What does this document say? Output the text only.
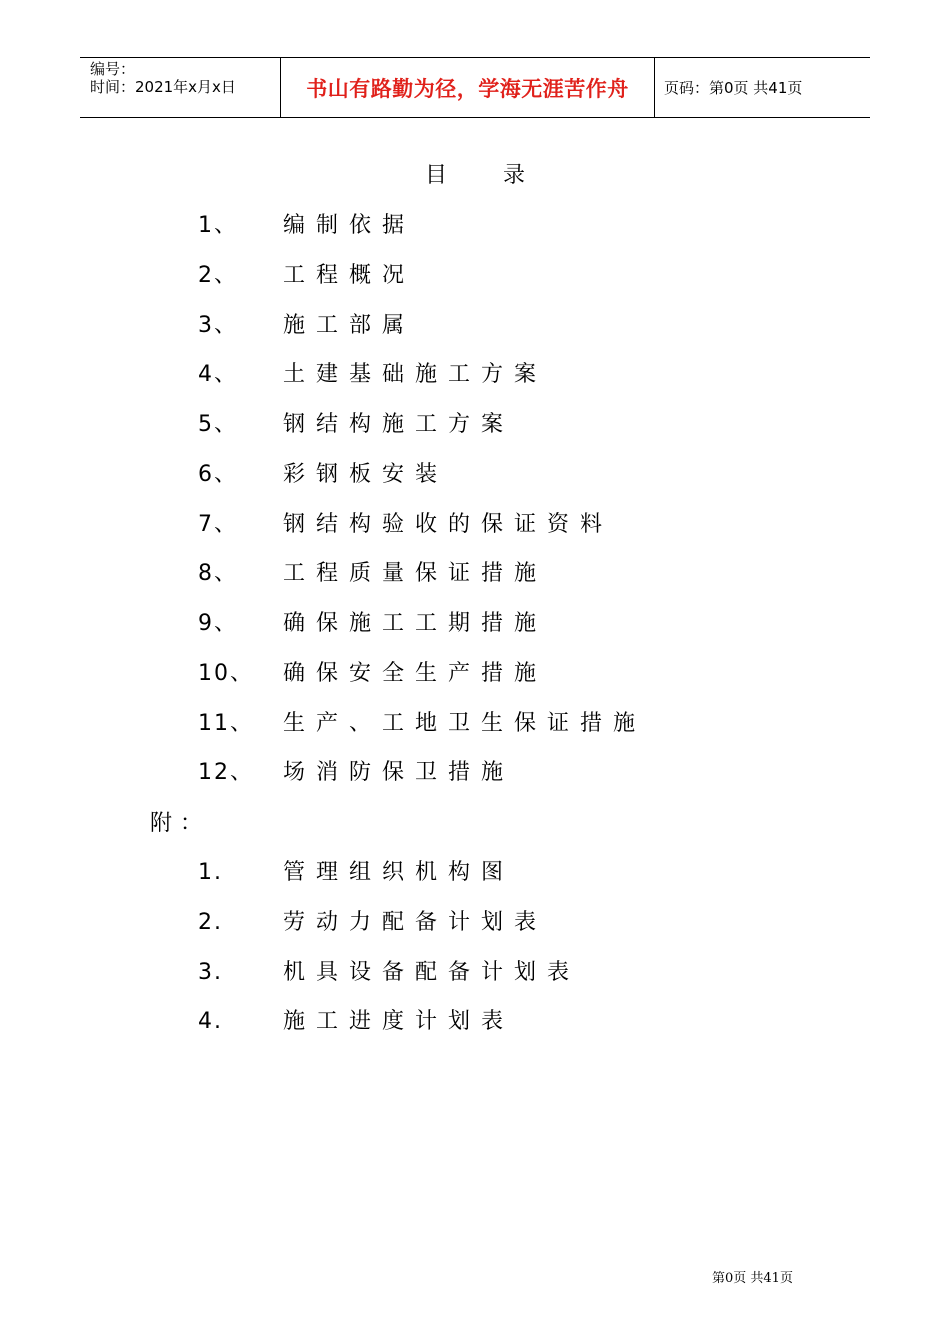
编号：
时间：2021年x月x日	书山有路勤为径，学海无涯苦作舟	页码：第0页 共41页
目        录
1、	编制依据
2、	工程概况
3、	施工部属
4、	土建基础施工方案
5、	钢结构施工方案
6、	彩钢板安装
7、	钢结构验收的保证资料
8、	工程质量保证措施
9、	确保施工工期措施
10、	确保安全生产措施
11、	生产、工地卫生保证措施
12、	场消防保卫措施
附：
1.	管理组织机构图
2.	劳动力配备计划表
3.	机具设备配备计划表
4.	施工进度计划表
第0页 共41页
